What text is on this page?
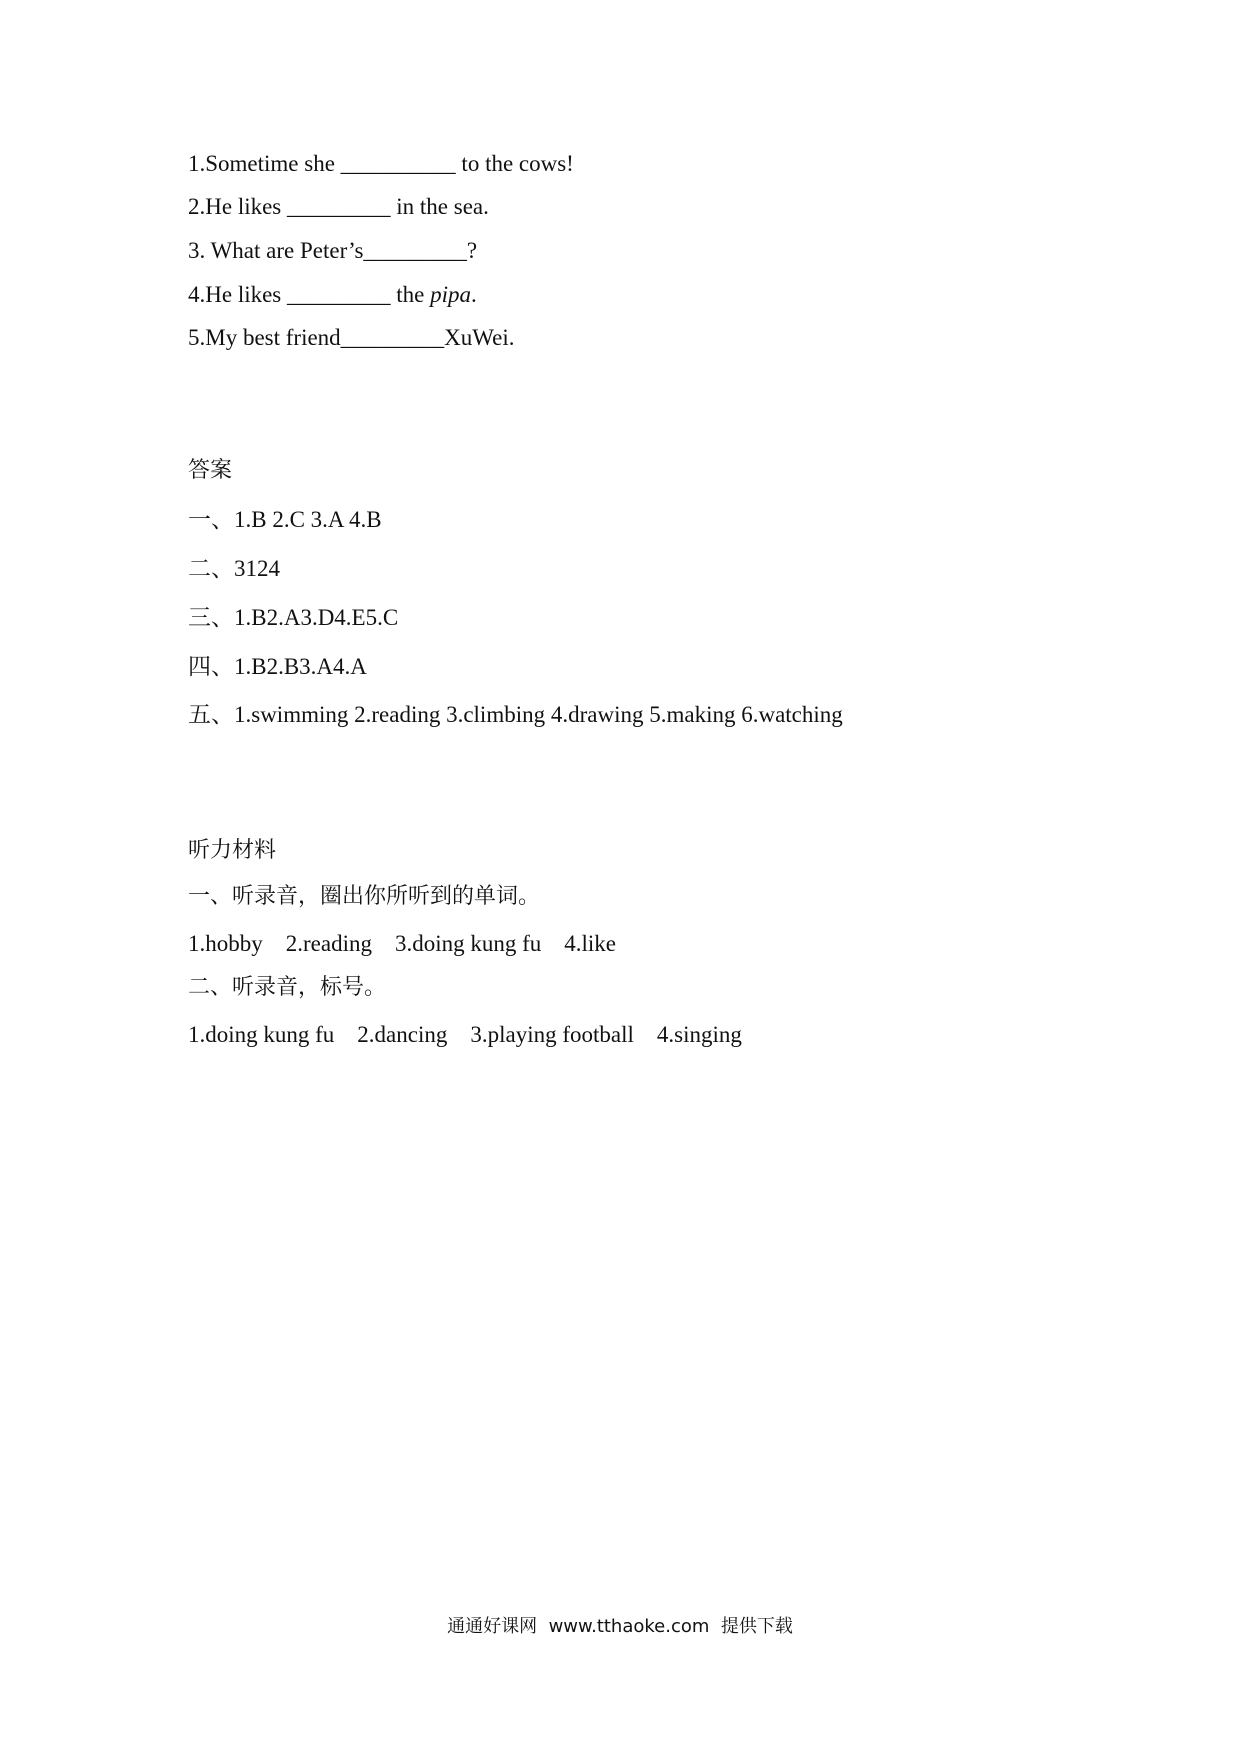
1.Sometime she __________ to the cows!
2.He likes _________ in the sea.
3. What are Peter’s_________?
4.He likes _________ the pipa.
5.My best friend_________XuWei.
答案
一、1.B 2.C 3.A 4.B
二、3124
三、1.B2.A3.D4.E5.C
四、1.B2.B3.A4.A
五、1.swimming 2.reading 3.climbing 4.drawing 5.making 6.watching
听力材料
一、听录音，圈出你所听到的单词。
1.hobby    2.reading    3.doing kung fu    4.like
二、听录音，标号。
1.doing kung fu    2.dancing    3.playing football    4.singing
通通好课网  www.tthaoke.com  提供下载
